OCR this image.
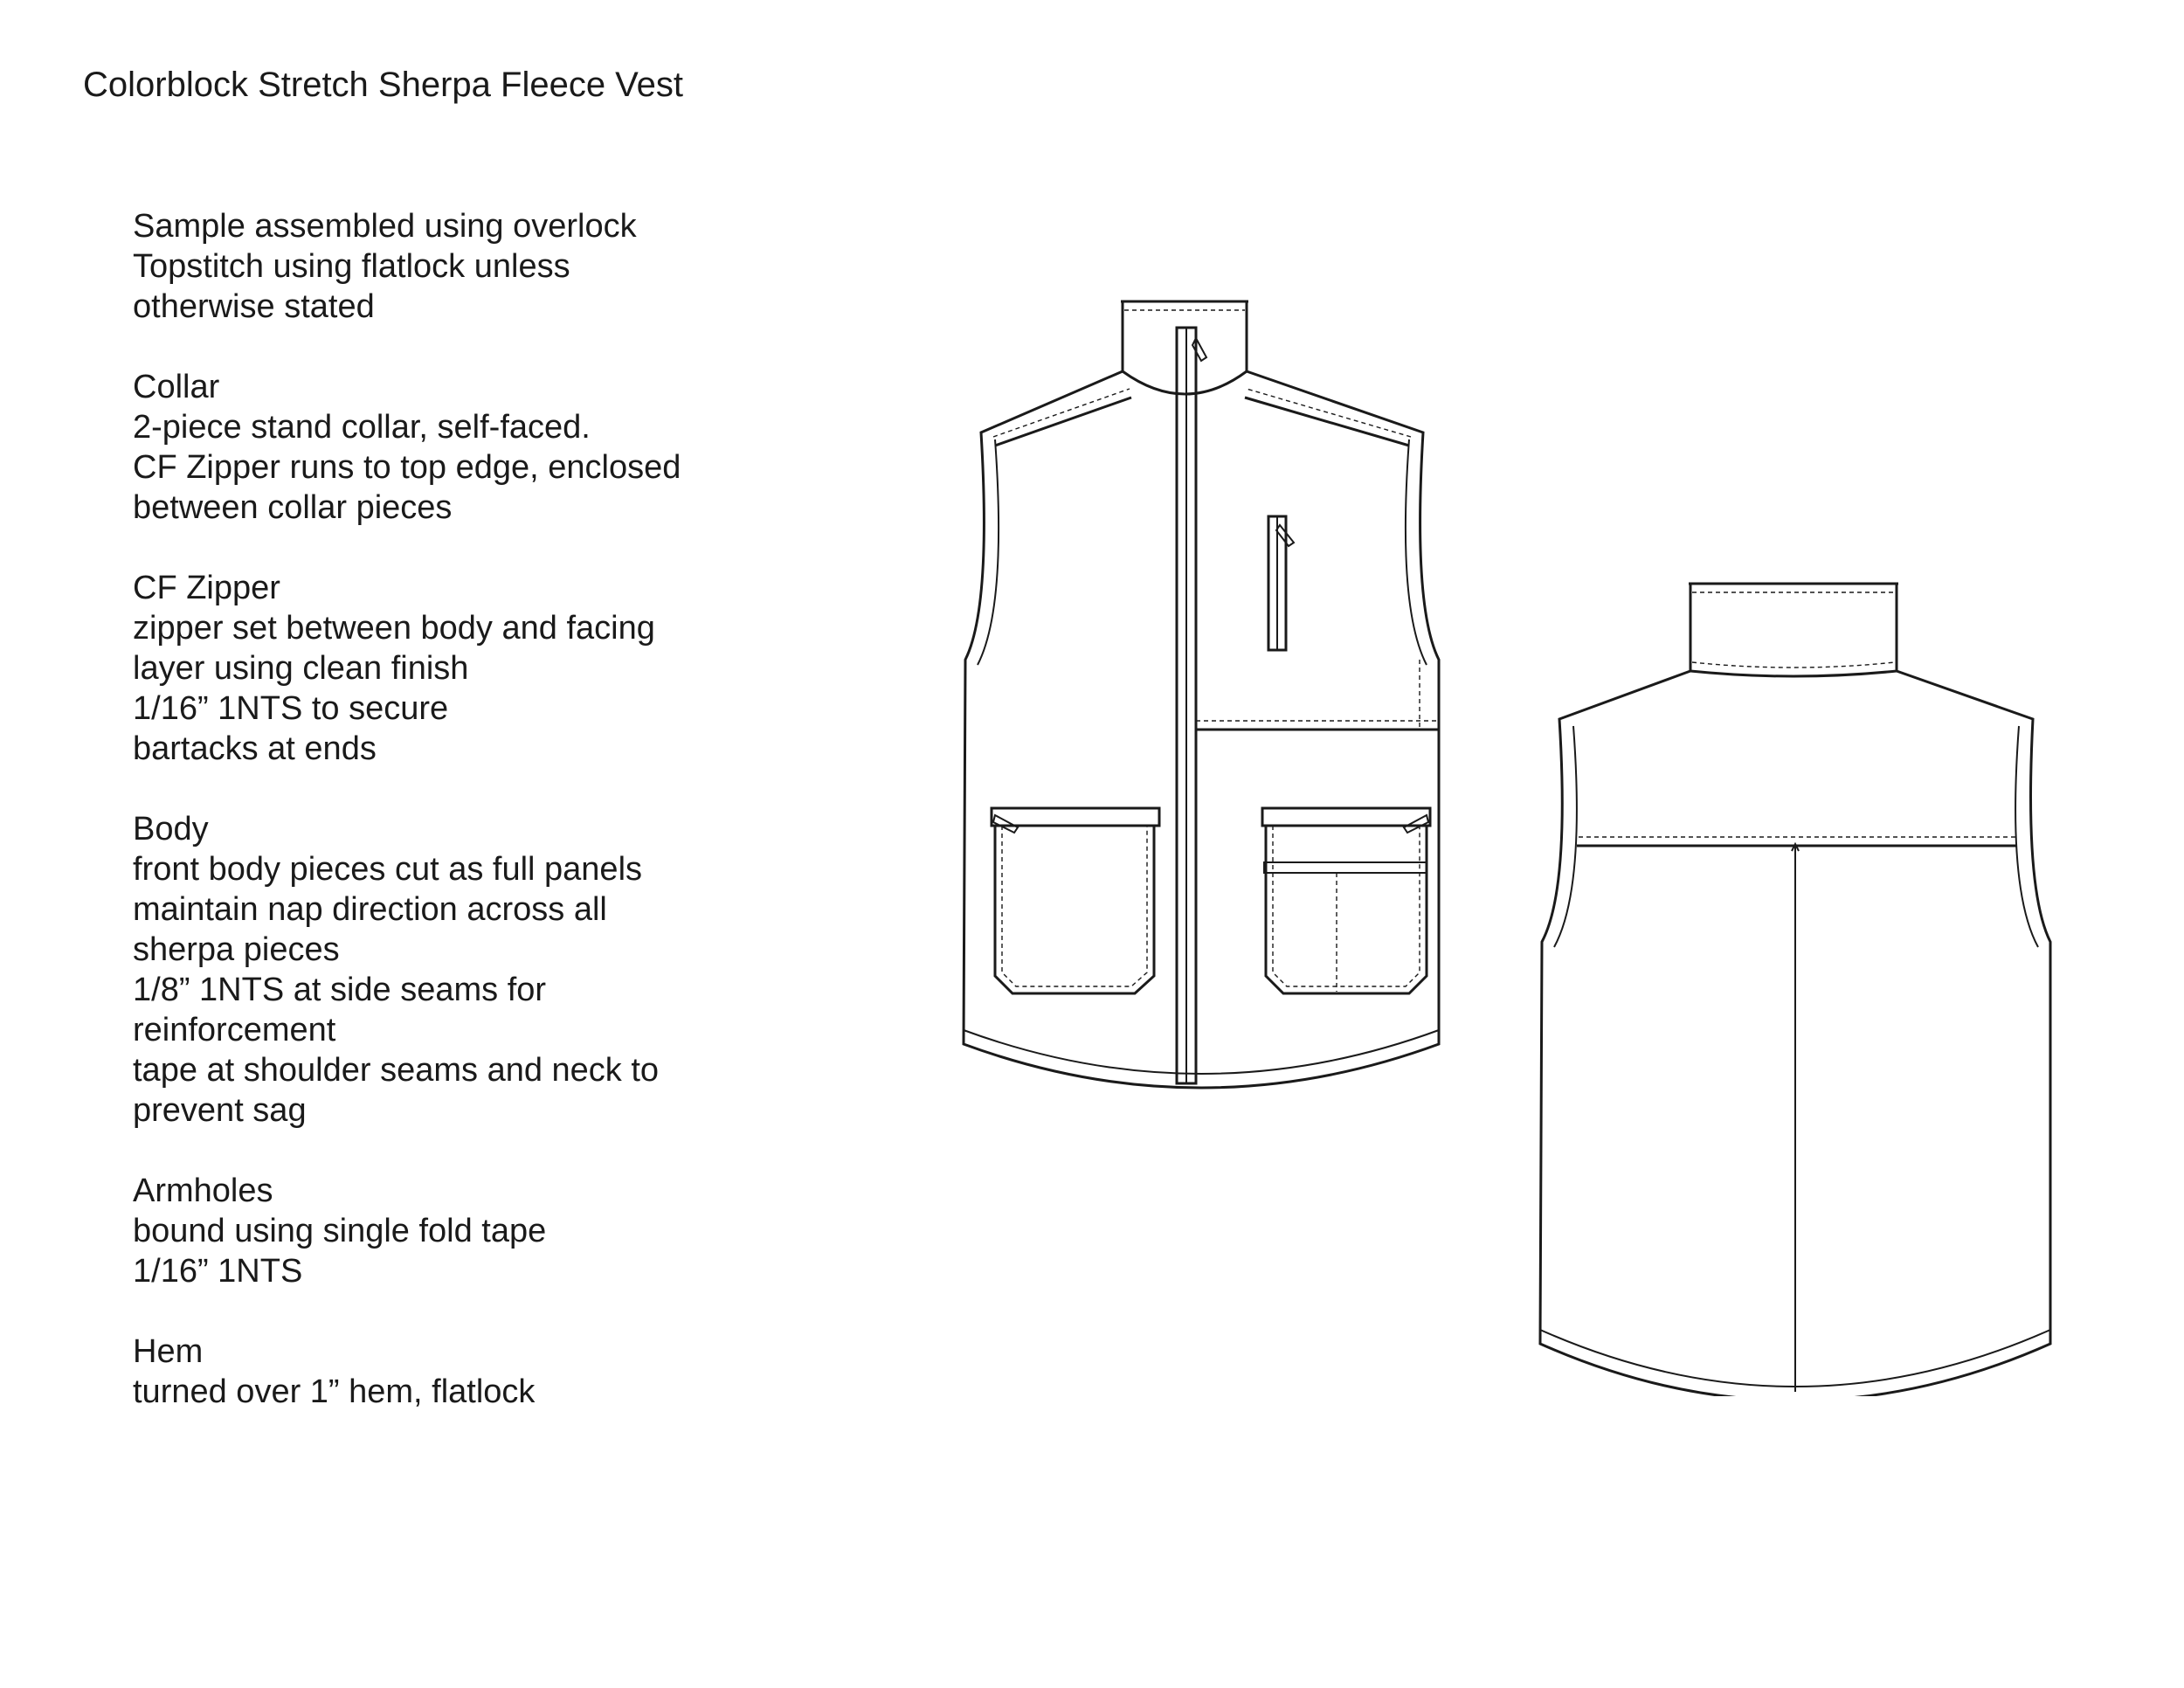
Colorblock Stretch Sherpa Fleece Vest
Sample assembled using overlock
Topstitch using flatlock unless
otherwise stated
Collar
2-piece stand collar, self-faced.
CF Zipper runs to top edge, enclosed
between collar pieces
CF Zipper
zipper set between body and facing
layer using clean finish
1/16” 1NTS to secure
bartacks at ends
Body
front body pieces cut as full panels
maintain nap direction across all
sherpa pieces
1/8” 1NTS at side seams for
reinforcement
tape at shoulder seams and neck to
prevent sag
Armholes
bound using single fold tape
1/16” 1NTS
Hem
turned over 1” hem, flatlock
